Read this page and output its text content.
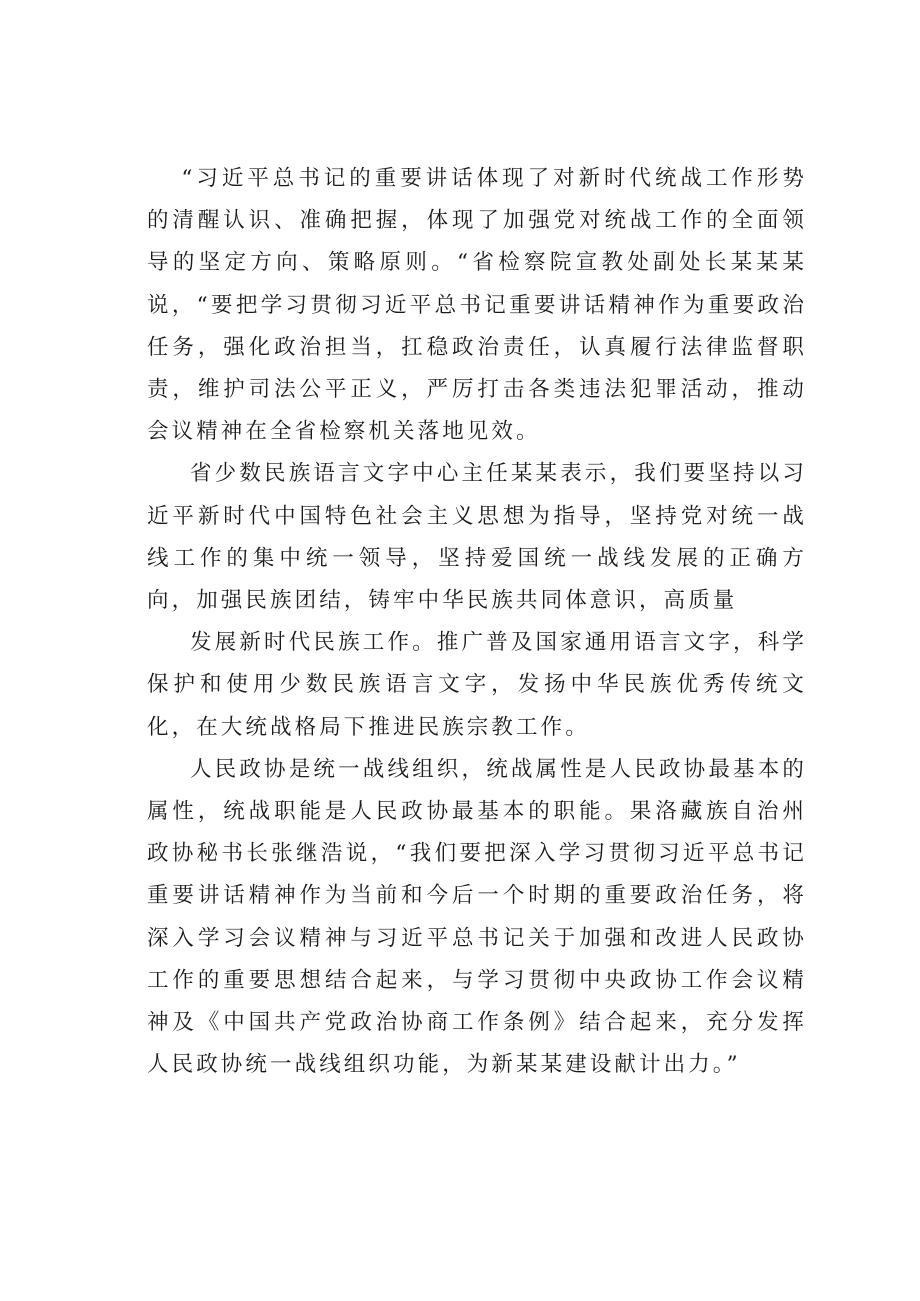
“习近平总书记的重要讲话体现了对新时代统战工作形势的清醒认识、准确把握，体现了加强党对统战工作的全面领导的坚定方向、策略原则。“省检察院宣教处副处长某某某说，“要把学习贯彻习近平总书记重要讲话精神作为重要政治任务，强化政治担当，扛稳政治责任，认真履行法律监督职责，维护司法公平正义，严厉打击各类违法犯罪活动，推动会议精神在全省检察机关落地见效。

省少数民族语言文字中心主任某某表示，我们要坚持以习近平新时代中国特色社会主义思想为指导，坚持党对统一战线工作的集中统一领导，坚持爱国统一战线发展的正确方向，加强民族团结，铸牢中华民族共同体意识，高质量

发展新时代民族工作。推广普及国家通用语言文字，科学保护和使用少数民族语言文字，发扬中华民族优秀传统文化，在大统战格局下推进民族宗教工作。

人民政协是统一战线组织，统战属性是人民政协最基本的属性，统战职能是人民政协最基本的职能。果洛藏族自治州政协秘书长张继浩说，“我们要把深入学习贯彻习近平总书记重要讲话精神作为当前和今后一个时期的重要政治任务，将深入学习会议精神与习近平总书记关于加强和改进人民政协工作的重要思想结合起来，与学习贯彻中央政协工作会议精神及《中国共产党政治协商工作条例》结合起来，充分发挥人民政协统一战线组织功能，为新某某建设献计出力。”
